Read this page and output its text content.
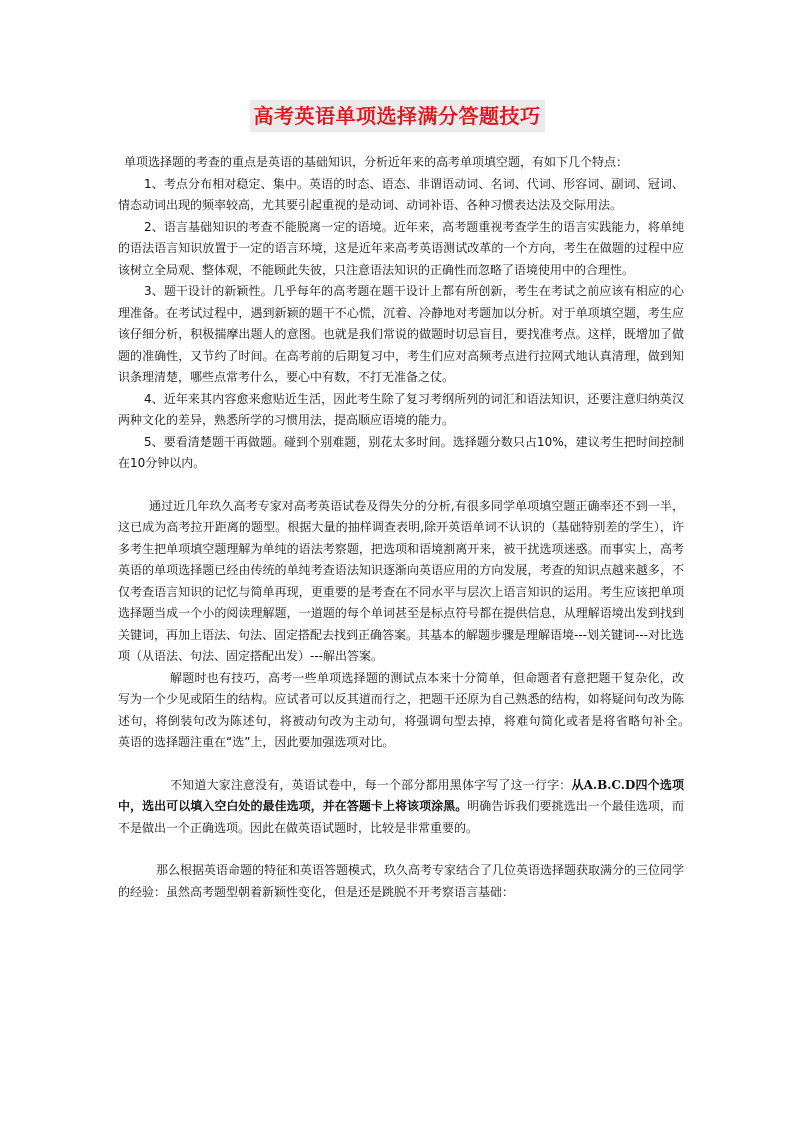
高考英语单项选择满分答题技巧

单项选择题的考查的重点是英语的基础知识，分析近年来的高考单项填空题，有如下几个特点：

1、考点分布相对稳定、集中。英语的时态、语态、非谓语动词、名词、代词、形容词、副词、冠词、情态动词出现的频率较高，尤其要引起重视的是动词、动词补语、各种习惯表达法及交际用法。

2、语言基础知识的考查不能脱离一定的语境。近年来，高考题重视考查学生的语言实践能力，将单纯的语法语言知识放置于一定的语言环境，这是近年来高考英语测试改革的一个方向，考生在做题的过程中应该树立全局观、整体观，不能顾此失彼，只注意语法知识的正确性而忽略了语境使用中的合理性。

3、题干设计的新颖性。几乎每年的高考题在题干设计上都有所创新，考生在考试之前应该有相应的心理准备。在考试过程中，遇到新颖的题干不心慌，沉着、冷静地对考题加以分析。对于单项填空题，考生应该仔细分析，积极揣摩出题人的意图。也就是我们常说的做题时切忌盲目，要找准考点。这样，既增加了做题的准确性，又节约了时间。在高考前的后期复习中，考生们应对高频考点进行拉网式地认真清理，做到知识条理清楚，哪些点常考什么，要心中有数，不打无准备之仗。

4、近年来其内容愈来愈贴近生活，因此考生除了复习考纲所列的词汇和语法知识，还要注意归纳英汉两种文化的差异，熟悉所学的习惯用法，提高顺应语境的能力。

5、要看清楚题干再做题。碰到个别难题，别花太多时间。选择题分数只占10%，建议考生把时间控制在10分钟以内。

通过近几年玖久高考专家对高考英语试卷及得失分的分析,有很多同学单项填空题正确率还不到一半，这已成为高考拉开距离的题型。根据大量的抽样调查表明,除开英语单词不认识的（基础特别差的学生），许多考生把单项填空题理解为单纯的语法考察题，把选项和语境割离开来，被干扰选项迷惑。而事实上，高考英语的单项选择题已经由传统的单纯考查语法知识逐渐向英语应用的方向发展，考查的知识点越来越多，不仅考查语言知识的记忆与简单再现，更重要的是考查在不同水平与层次上语言知识的运用。考生应该把单项选择题当成一个小的阅读理解题，一道题的每个单词甚至是标点符号都在提供信息，从理解语境出发到找到关键词，再加上语法、句法、固定搭配去找到正确答案。其基本的解题步骤是理解语境---划关键词---对比选项（从语法、句法、固定搭配出发）---解出答案。

解题时也有技巧，高考一些单项选择题的测试点本来十分简单，但命题者有意把题干复杂化，改写为一个少见或陌生的结构。应试者可以反其道而行之，把题干还原为自己熟悉的结构，如将疑问句改为陈述句，将倒装句改为陈述句，将被动句改为主动句，将强调句型去掉，将难句简化或者是将省略句补全。　英语的选择题注重在“选”上，因此要加强选项对比。

不知道大家注意没有，英语试卷中，每一个部分都用黑体字写了这一行字：从A.B.C.D四个选项中，选出可以填入空白处的最佳选项，并在答题卡上将该项涂黑。明确告诉我们要挑选出一个最佳选项，而不是做出一个正确选项。因此在做英语试题时，比较是非常重要的。

那么根据英语命题的特征和英语答题模式，玖久高考专家结合了几位英语选择题获取满分的三位同学的经验：虽然高考题型朝着新颖性变化，但是还是跳脱不开考察语言基础：
